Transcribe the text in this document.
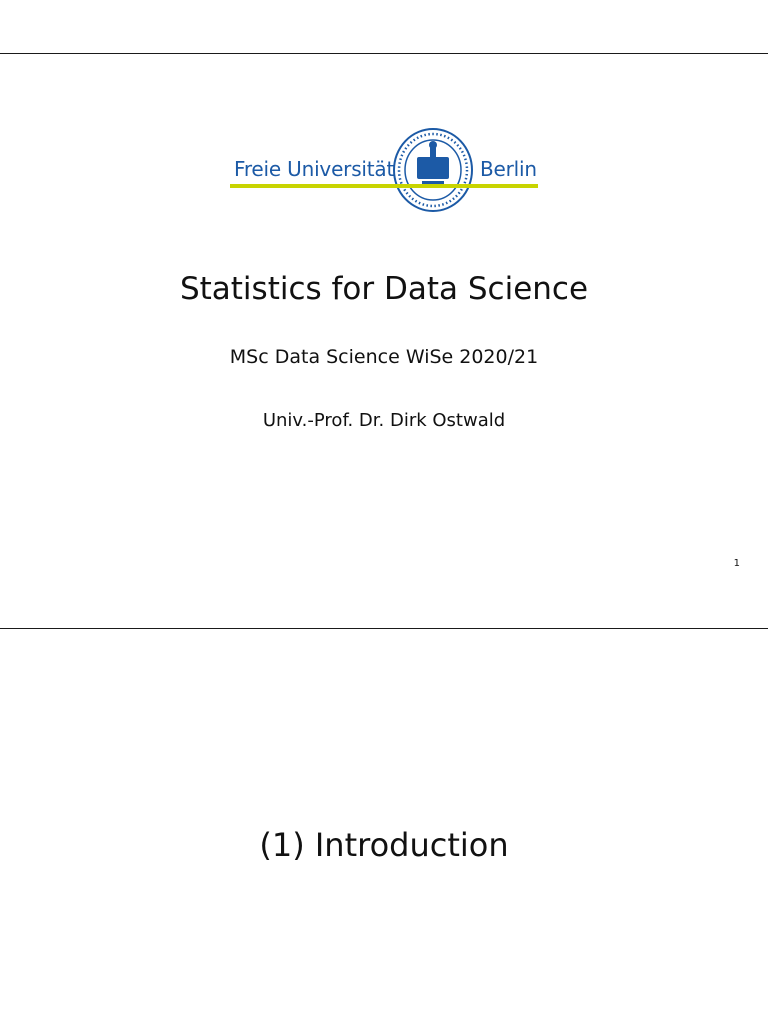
Freie Universität	Berlin
Statistics for Data Science
MSc Data Science WiSe 2020/21
Univ.-Prof. Dr. Dirk Ostwald
1
(1) Introduction
